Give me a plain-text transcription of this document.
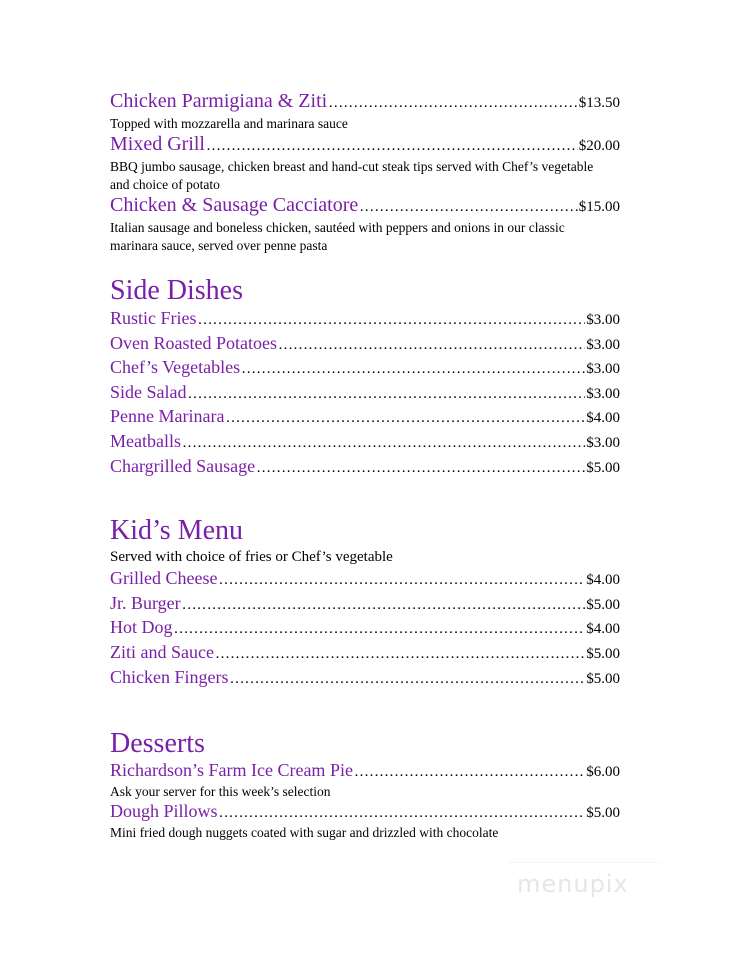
Chicken Parmigiana & Ziti ………………………………………………………………………………………………………………………………………………………………………………	$13.50
Topped with mozzarella and marinara sauce
Mixed Grill ………………………………………………………………………………………………………………………………………………………………………………	$20.00
BBQ jumbo sausage, chicken breast and hand-cut steak tips served with Chef’s vegetable and choice of potato
Chicken & Sausage Cacciatore ………………………………………………………………………………………………………………………………………………………………………………	$15.00
Italian sausage and boneless chicken, sautéed with peppers and onions in our classic marinara sauce, served over penne pasta
Side Dishes
Rustic Fries ………………………………………………………………………………………………………………………………………………………………………………	$3.00
Oven Roasted Potatoes ………………………………………………………………………………………………………………………………………………………………………………	$3.00
Chef’s Vegetables ………………………………………………………………………………………………………………………………………………………………………………	$3.00
Side Salad ………………………………………………………………………………………………………………………………………………………………………………	$3.00
Penne Marinara ………………………………………………………………………………………………………………………………………………………………………………	$4.00
Meatballs ………………………………………………………………………………………………………………………………………………………………………………	$3.00
Chargrilled Sausage ………………………………………………………………………………………………………………………………………………………………………………	$5.00
Kid’s Menu
Served with choice of fries or Chef’s vegetable
Grilled Cheese ………………………………………………………………………………………………………………………………………………………………………………	$4.00
Jr. Burger ………………………………………………………………………………………………………………………………………………………………………………	$5.00
Hot Dog ………………………………………………………………………………………………………………………………………………………………………………	$4.00
Ziti and Sauce ………………………………………………………………………………………………………………………………………………………………………………	$5.00
Chicken Fingers ………………………………………………………………………………………………………………………………………………………………………………	$5.00
Desserts
Richardson’s Farm Ice Cream Pie ………………………………………………………………………………………………………………………………………………………………………………	$6.00
Ask your server for this week’s selection
Dough Pillows ………………………………………………………………………………………………………………………………………………………………………………	$5.00
Mini fried dough nuggets coated with sugar and drizzled with chocolate
menupix
